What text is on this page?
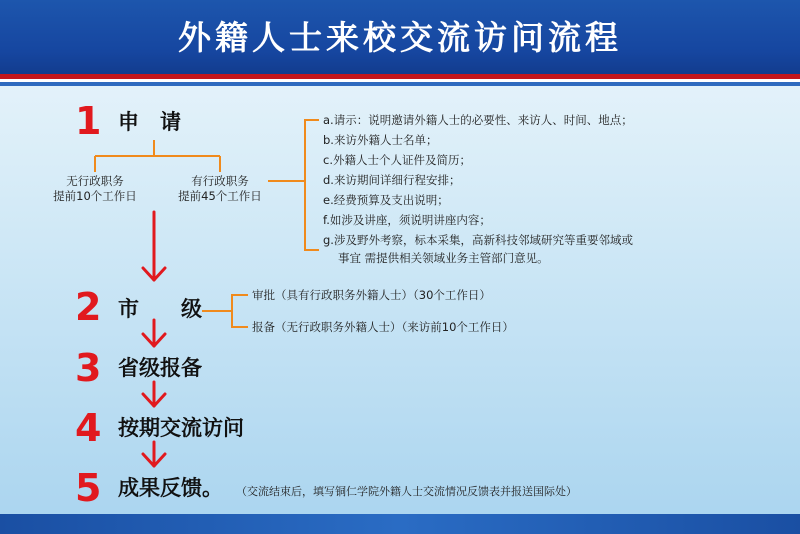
外籍人士来校交流访问流程
1
2
3
4
5
申　请
市　　级
省级报备
按期交流访问
成果反馈。 （交流结束后，填写铜仁学院外籍人士交流情况反馈表并报送国际处）
无行政职务
提前10个工作日
有行政职务
提前45个工作日
a.请示：说明邀请外籍人士的必要性、来访人、时间、地点；
b.来访外籍人士名单；
c.外籍人士个人证件及简历；
d.来访期间详细行程安排；
e.经费预算及支出说明；
f.如涉及讲座，须说明讲座内容；
g.涉及野外考察，标本采集，高新科技邻域研究等重要邻域或
事宜 需提供相关领域业务主管部门意见。
审批（具有行政职务外籍人士）（30个工作日）
报备（无行政职务外籍人士）（来访前10个工作日）
